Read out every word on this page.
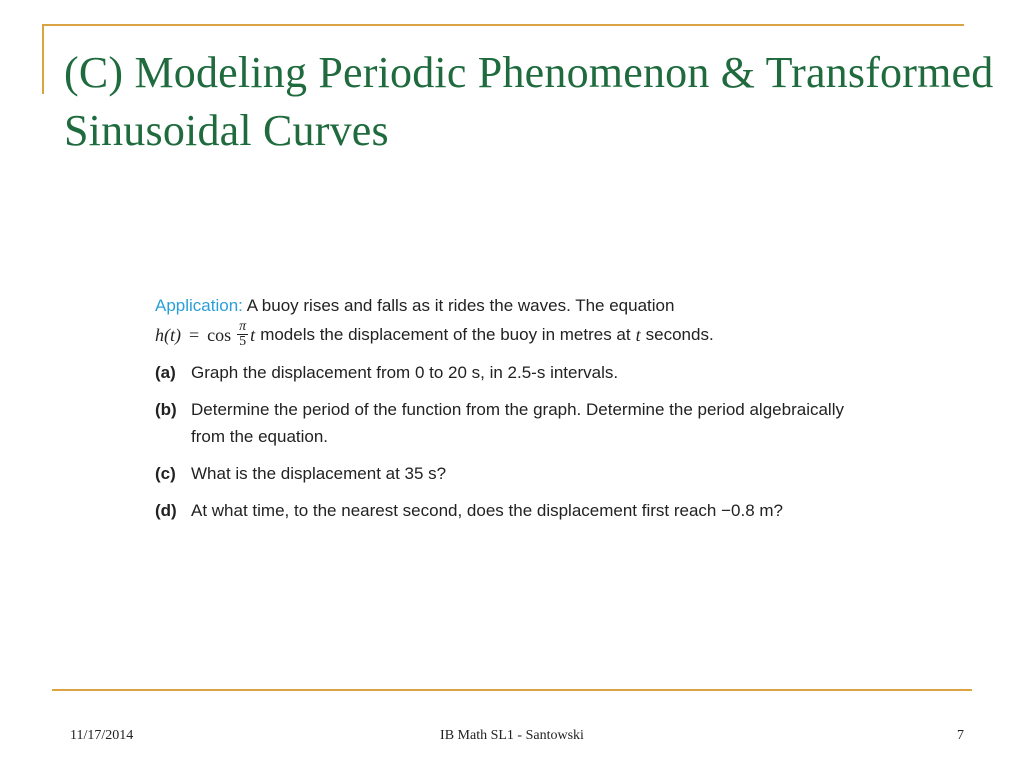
(C) Modeling Periodic Phenomenon & Transformed Sinusoidal Curves
Application: A buoy rises and falls as it rides the waves. The equation
$h(t) = \cos \frac{\pi}{5}$ t models the displacement of the buoy in metres at t seconds.
(a) Graph the displacement from 0 to 20 s, in 2.5-s intervals.
(b) Determine the period of the function from the graph. Determine the period algebraically from the equation.
(c) What is the displacement at 35 s?
(d) At what time, to the nearest second, does the displacement first reach −0.8 m?
11/17/2014	IB Math SL1 - Santowski	7
